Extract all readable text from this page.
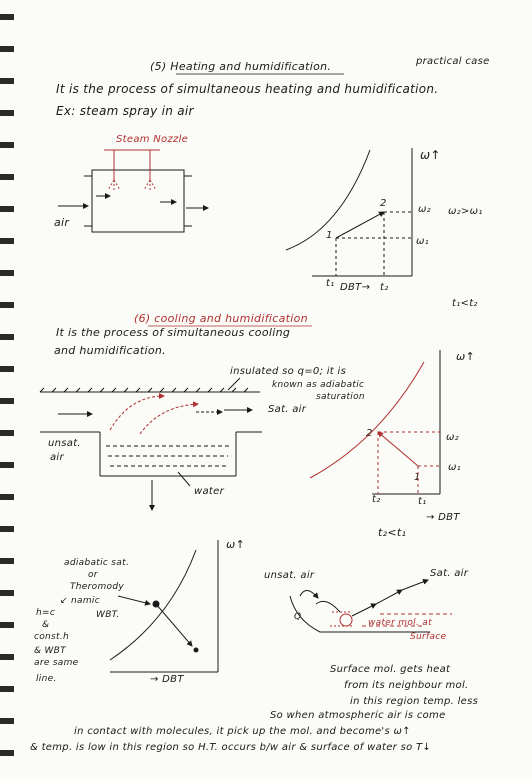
(5) Heating and humidification.	practical case
It is the process of simultaneous heating and humidification.
Ex: steam spray in air
Steam Nozzle
air
ω↑
1
2
ω₂
ω₁
ω₂>ω₁
t₁ DBT→ t₂
t₁<t₂
(6) cooling and humidification
It is the process of simultaneous cooling
and humidification.
insulated so q=0; it is
known as adiabatic
saturation
Sat. air
unsat.
air
water
ω↑
2
1
ω₂
ω₁
t₂	t₁
→ DBT
t₂<t₁
ω↑
adiabatic sat.
or
Theromody
↙ namic
WBT.
h=c
&
const.h
& WBT
are same
line.	→ DBT
unsat. air	Sat. air
Q
water mol. at
Surface
Surface mol. gets heat
from its neighbour mol.
in this region temp. less
So when atmospheric air is come
in contact with molecules, it pick up the mol. and become's ω↑
& temp. is low in this region so H.T. occurs b/w air & surface of water so T↓
